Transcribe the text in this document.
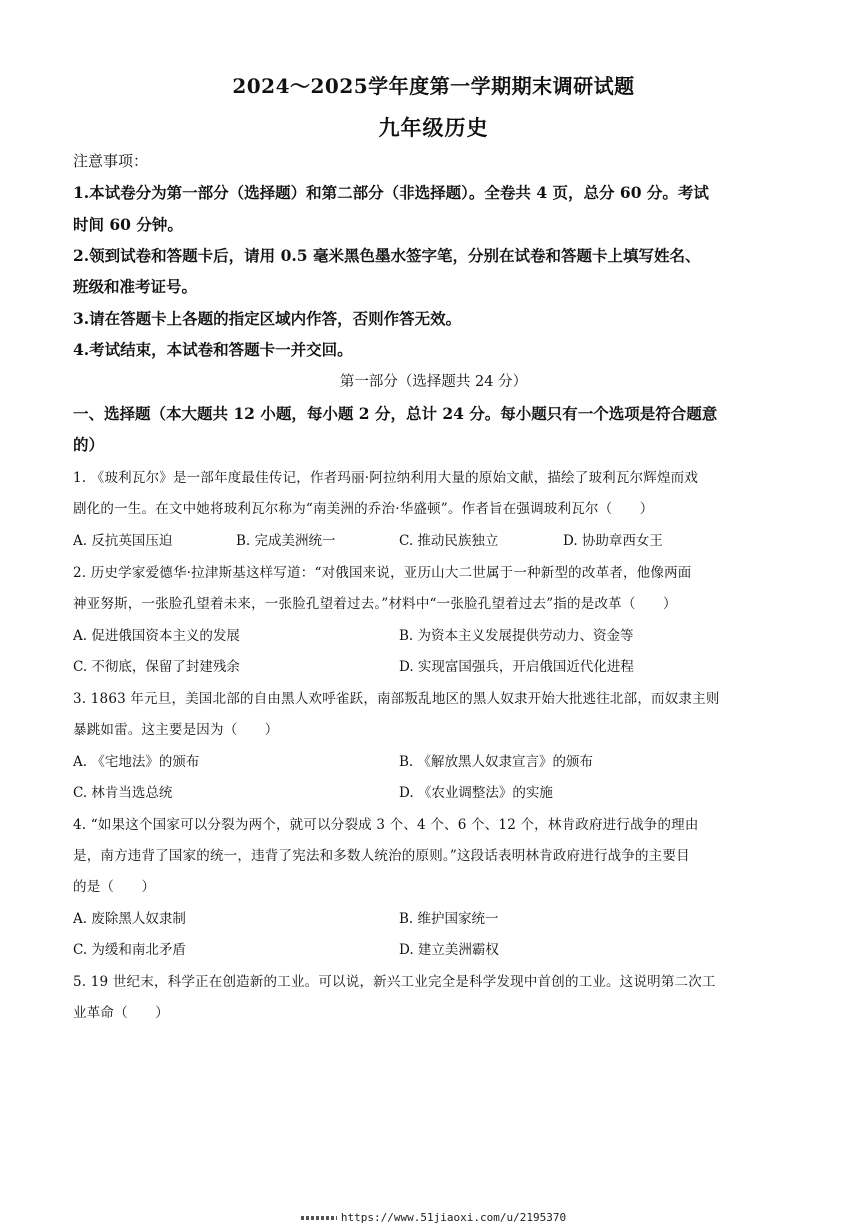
2024～2025学年度第一学期期末调研试题
九年级历史
注意事项：
1.本试卷分为第一部分（选择题）和第二部分（非选择题）。全卷共 4 页，总分 60 分。考试
时间 60 分钟。
2.领到试卷和答题卡后，请用 0.5 毫米黑色墨水签字笔，分别在试卷和答题卡上填写姓名、
班级和准考证号。
3.请在答题卡上各题的指定区域内作答，否则作答无效。
4.考试结束，本试卷和答题卡一并交回。
第一部分（选择题共 24 分）
一、选择题（本大题共 12 小题，每小题 2 分，总计 24 分。每小题只有一个选项是符合题意
的）
1. 《玻利瓦尔》是一部年度最佳传记，作者玛丽·阿拉纳利用大量的原始文献，描绘了玻利瓦尔辉煌而戏
剧化的一生。在文中她将玻利瓦尔称为“南美洲的乔治·华盛顿”。作者旨在强调玻利瓦尔（　　）
A. 反抗英国压迫	B. 完成美洲统一	C. 推动民族独立	D. 协助章西女王
2. 历史学家爱德华·拉津斯基这样写道：“对俄国来说，亚历山大二世属于一种新型的改革者，他像两面
神亚努斯，一张脸孔望着未来，一张脸孔望着过去。”材料中“一张脸孔望着过去”指的是改革（　　）
A. 促进俄国资本主义的发展	B. 为资本主义发展提供劳动力、资金等
C. 不彻底，保留了封建残余	D. 实现富国强兵，开启俄国近代化进程
3. 1863 年元旦，美国北部的自由黑人欢呼雀跃，南部叛乱地区的黑人奴隶开始大批逃往北部，而奴隶主则
暴跳如雷。这主要是因为（　　）
A. 《宅地法》的颁布	B. 《解放黑人奴隶宣言》的颁布
C. 林肯当选总统	D. 《农业调整法》的实施
4. “如果这个国家可以分裂为两个，就可以分裂成 3 个、4 个、6 个、12 个，林肯政府进行战争的理由
是，南方违背了国家的统一，违背了宪法和多数人统治的原则。”这段话表明林肯政府进行战争的主要目
的是（　　）
A. 废除黑人奴隶制	B. 维护国家统一
C. 为缓和南北矛盾	D. 建立美洲霸权
5. 19 世纪末，科学正在创造新的工业。可以说，新兴工业完全是科学发现中首创的工业。这说明第二次工
业革命（　　）
https://www.51jiaoxi.com/u/2195370
